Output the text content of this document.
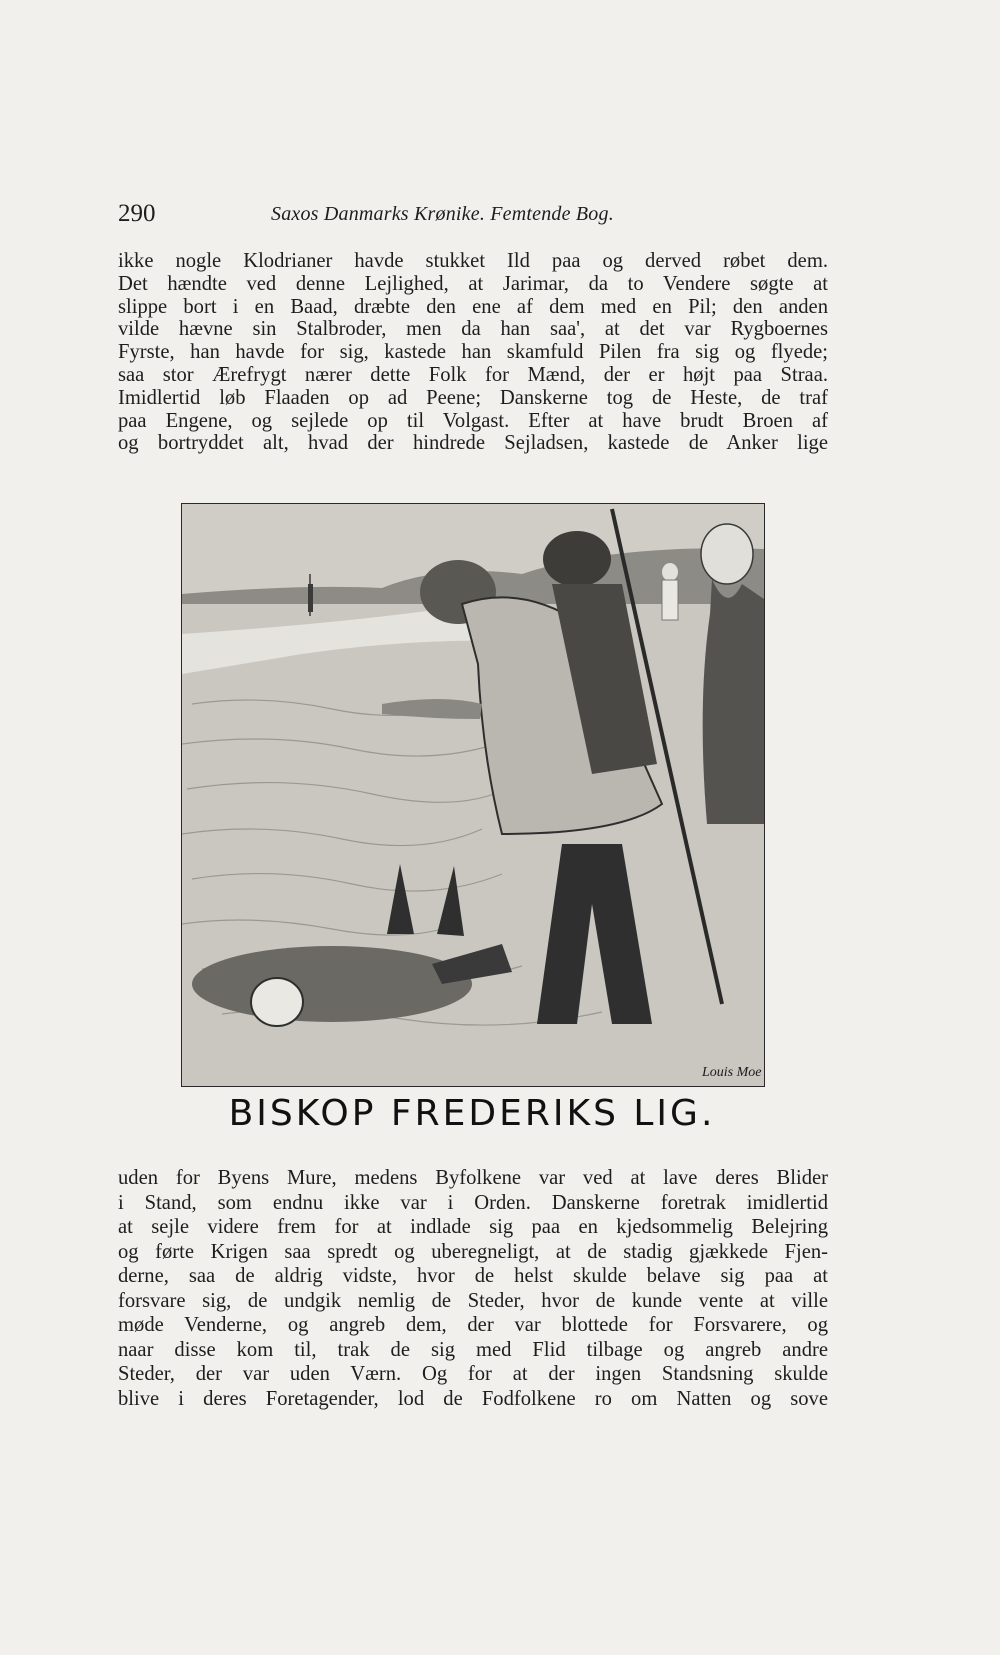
290	Saxos Danmarks Krønike. Femtende Bog.
ikke nogle Klodrianer havde stukket Ild paa og derved røbet dem.
Det hændte ved denne Lejlighed, at Jarimar, da to Vendere søgte at
slippe bort i en Baad, dræbte den ene af dem med en Pil; den anden
vilde hævne sin Stalbroder, men da han saa', at det var Rygboernes
Fyrste, han havde for sig, kastede han skamfuld Pilen fra sig og flyede;
saa stor Ærefrygt nærer dette Folk for Mænd, der er højt paa Straa.
Imidlertid løb Flaaden op ad Peene; Danskerne tog de Heste, de traf
paa Engene, og sejlede op til Volgast. Efter at have brudt Broen af
og bortryddet alt, hvad der hindrede Sejladsen, kastede de Anker lige
Louis Moe
BISKOP FREDERIKS LIG.
uden for Byens Mure, medens Byfolkene var ved at lave deres Blider
i Stand, som endnu ikke var i Orden. Danskerne foretrak imidlertid
at sejle videre frem for at indlade sig paa en kjedsommelig Belejring
og førte Krigen saa spredt og uberegneligt, at de stadig gjækkede Fjen-
derne, saa de aldrig vidste, hvor de helst skulde belave sig paa at
forsvare sig, de undgik nemlig de Steder, hvor de kunde vente at ville
møde Venderne, og angreb dem, der var blottede for Forsvarere, og
naar disse kom til, trak de sig med Flid tilbage og angreb andre
Steder, der var uden Værn. Og for at der ingen Standsning skulde
blive i deres Foretagender, lod de Fodfolkene ro om Natten og sove
